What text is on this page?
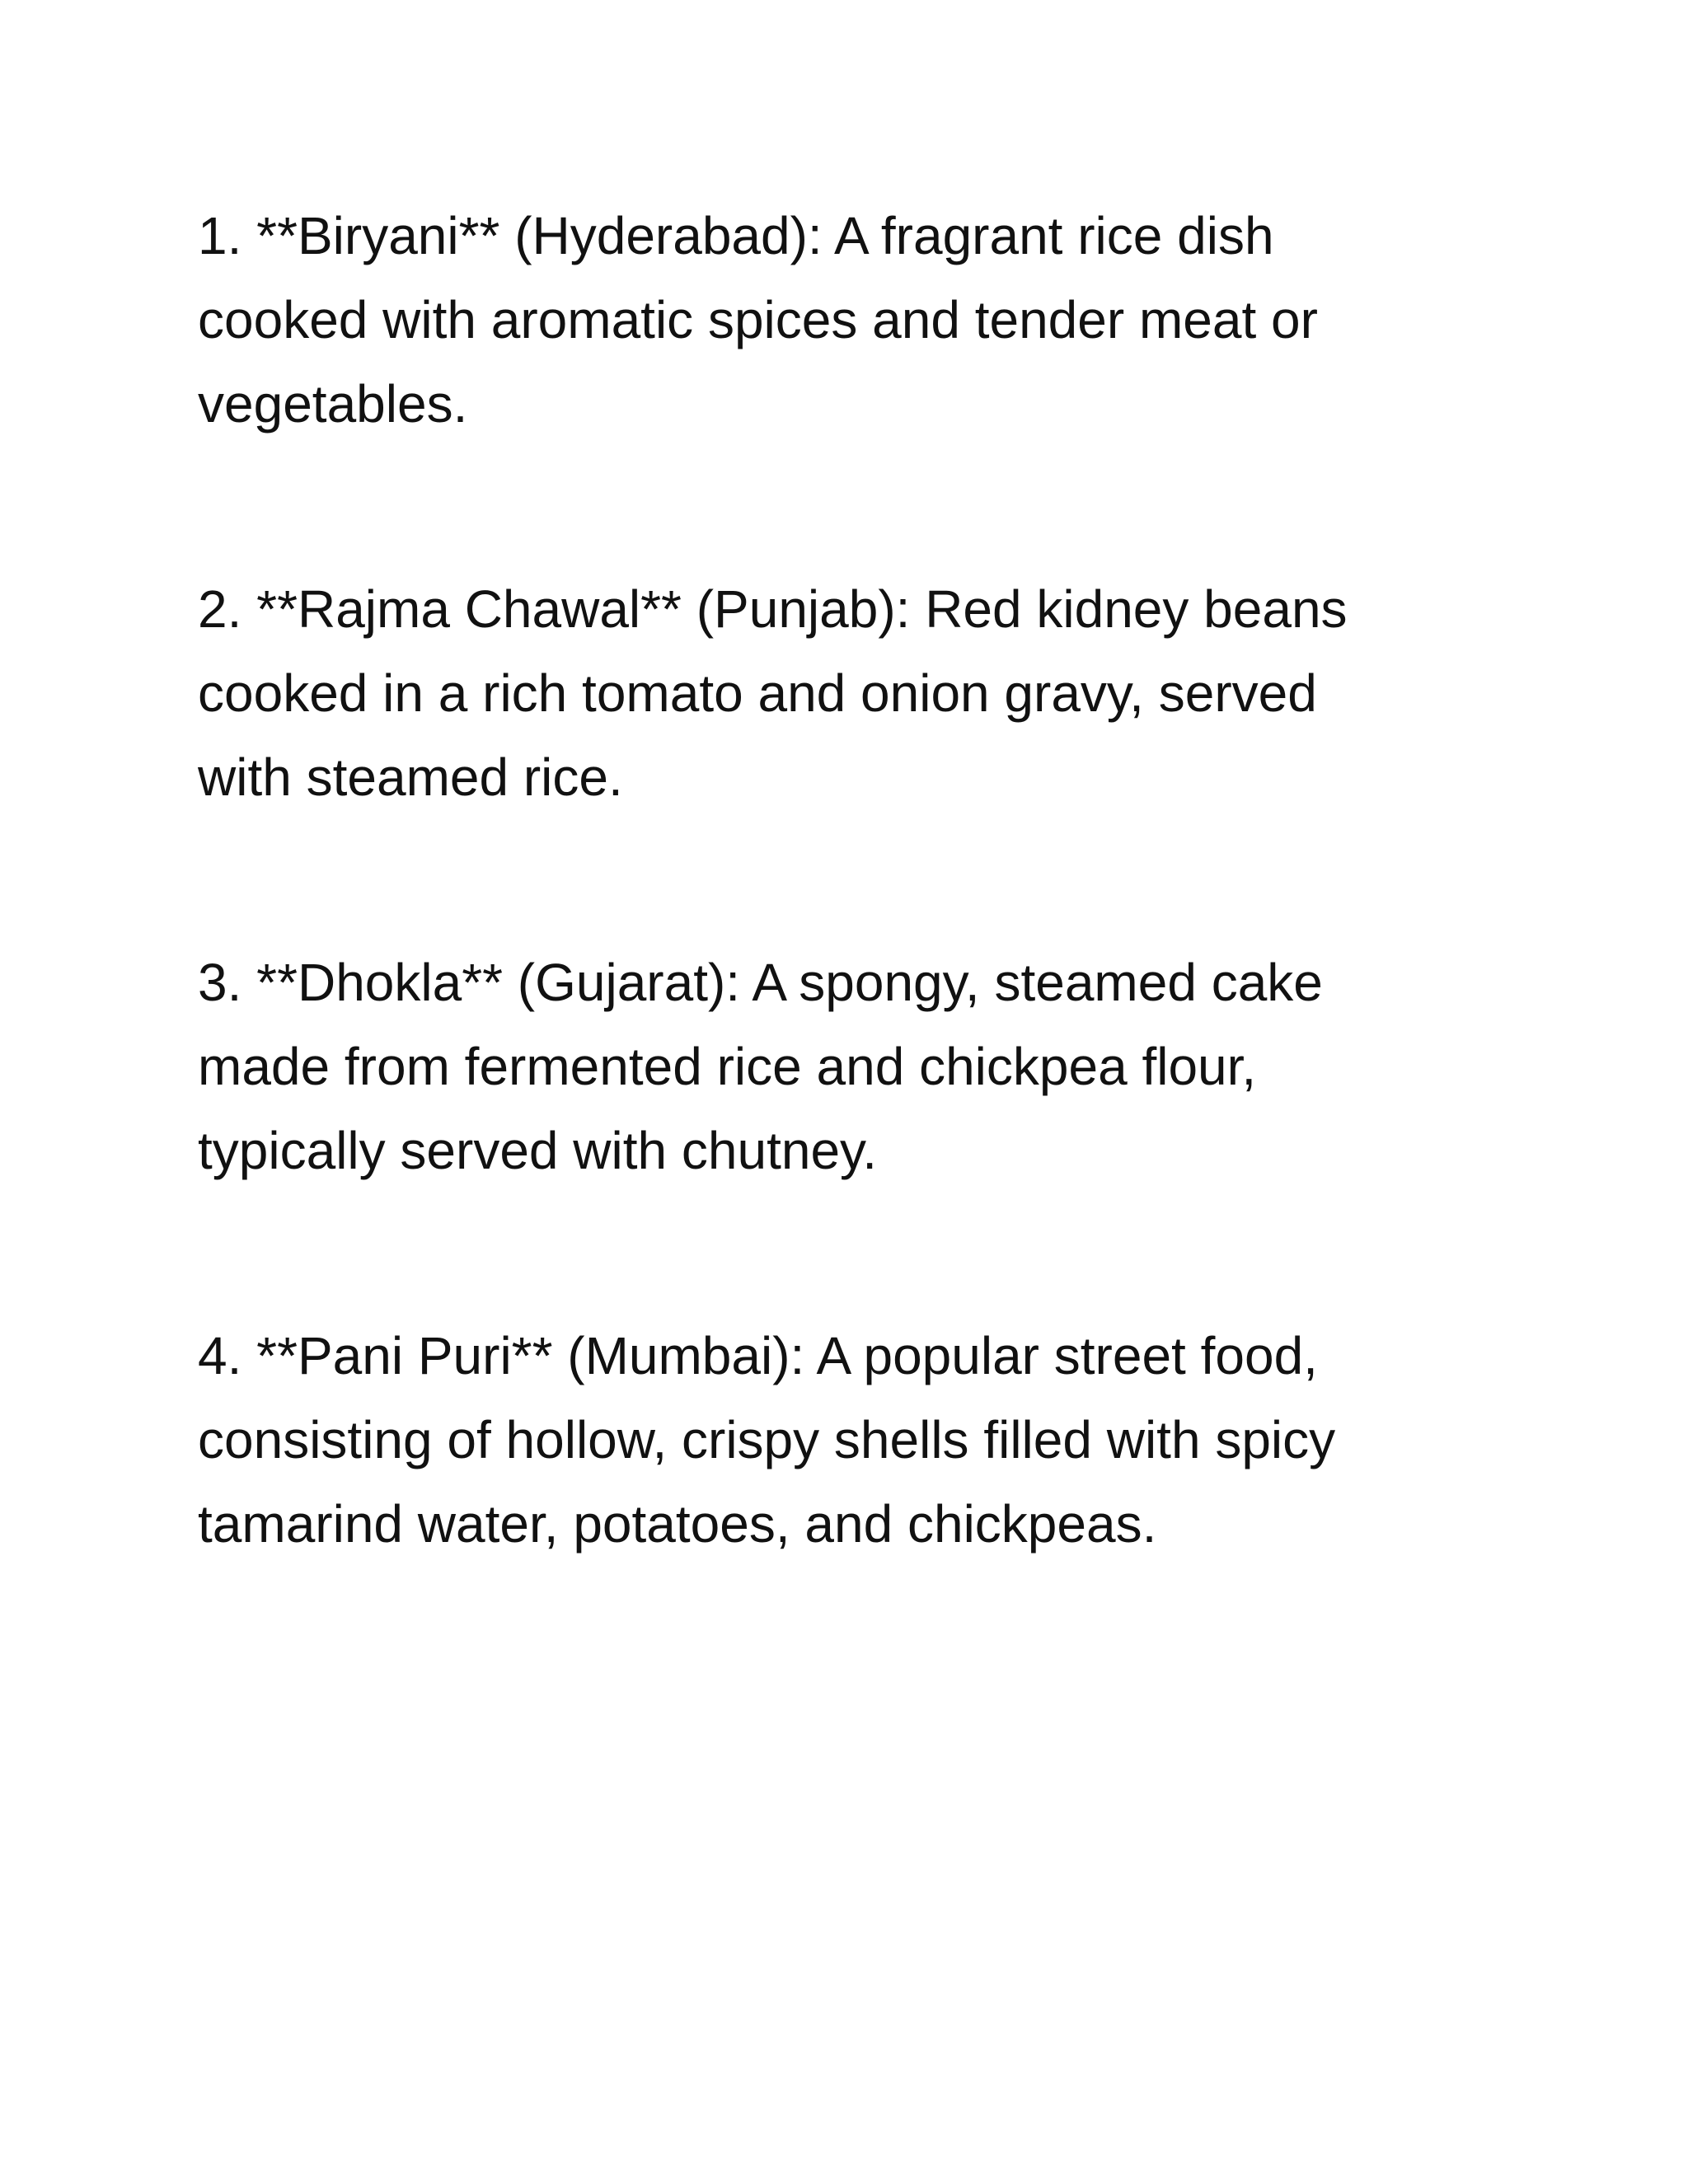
1. **Biryani** (Hyderabad): A fragrant rice dish
cooked with aromatic spices and tender meat or
vegetables.
2. **Rajma Chawal** (Punjab): Red kidney beans
cooked in a rich tomato and onion gravy, served
with steamed rice.
3. **Dhokla** (Gujarat): A spongy, steamed cake
made from fermented rice and chickpea flour,
typically served with chutney.
4. **Pani Puri** (Mumbai): A popular street food,
consisting of hollow, crispy shells filled with spicy
tamarind water, potatoes, and chickpeas.
